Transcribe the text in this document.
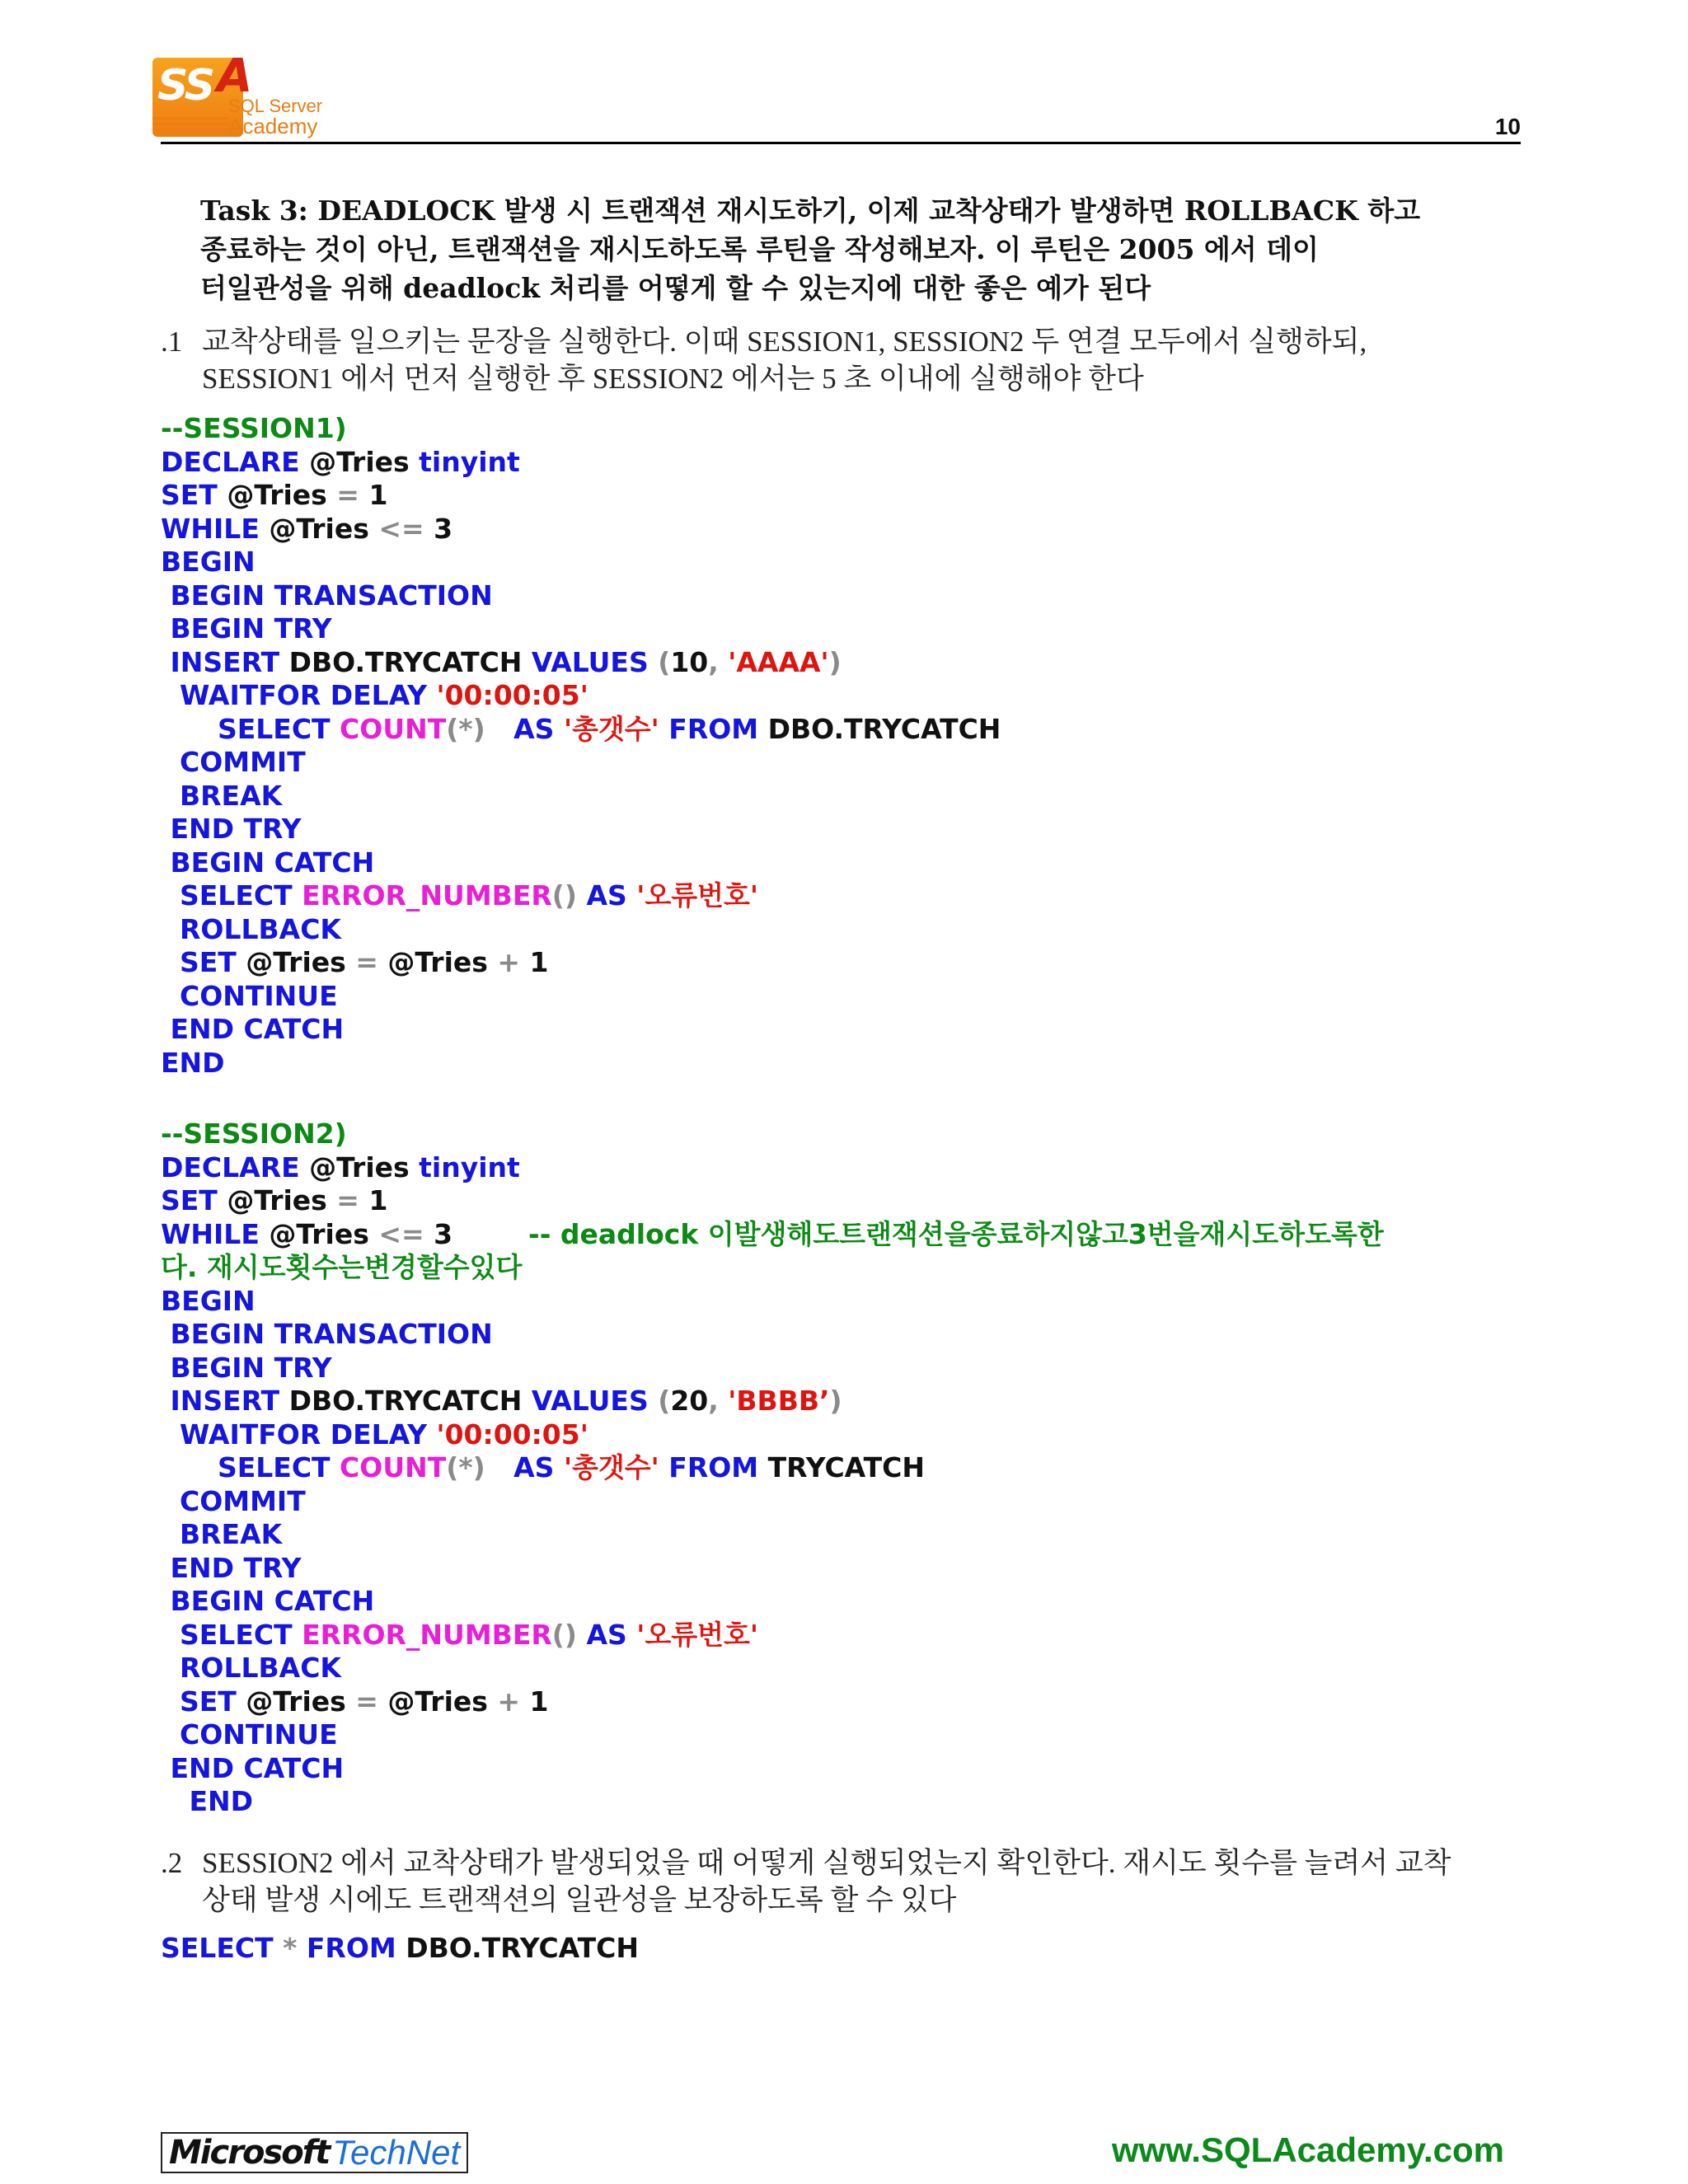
SS A
SQL Server
Academy	10
Task 3: DEADLOCK 발생 시 트랜잭션 재시도하기, 이제 교착상태가 발생하면 ROLLBACK 하고
종료하는 것이 아닌, 트랜잭션을 재시도하도록 루틴을 작성해보자. 이 루틴은 2005 에서 데이
터일관성을 위해 deadlock 처리를 어떻게 할 수 있는지에 대한 좋은 예가 된다
.1 교착상태를 일으키는 문장을 실행한다. 이때 SESSION1, SESSION2 두 연결 모두에서 실행하되,
SESSION1 에서 먼저 실행한 후 SESSION2 에서는 5 초 이내에 실행해야 한다
--SESSION1)
DECLARE @Tries tinyint
SET @Tries = 1
WHILE @Tries <= 3
BEGIN
BEGIN TRANSACTION
BEGIN TRY
INSERT DBO.TRYCATCH VALUES (10, 'AAAA')
WAITFOR DELAY '00:00:05'
SELECT COUNT(*)   AS '총갯수' FROM DBO.TRYCATCH
COMMIT
BREAK
END TRY
BEGIN CATCH
SELECT ERROR_NUMBER() AS '오류번호'
ROLLBACK
SET @Tries = @Tries + 1
CONTINUE
END CATCH
END
--SESSION2)
DECLARE @Tries tinyint
SET @Tries = 1
WHILE @Tries <= 3	-- deadlock 이발생해도트랜잭션을종료하지않고3번을재시도하도록한
다. 재시도횟수는변경할수있다
BEGIN
BEGIN TRANSACTION
BEGIN TRY
INSERT DBO.TRYCATCH VALUES (20, 'BBBB’)
WAITFOR DELAY '00:00:05'
SELECT COUNT(*)   AS '총갯수' FROM TRYCATCH
COMMIT
BREAK
END TRY
BEGIN CATCH
SELECT ERROR_NUMBER() AS '오류번호'
ROLLBACK
SET @Tries = @Tries + 1
CONTINUE
END CATCH
END
.2 SESSION2 에서 교착상태가 발생되었을 때 어떻게 실행되었는지 확인한다. 재시도 횟수를 늘려서 교착
상태 발생 시에도 트랜잭션의 일관성을 보장하도록 할 수 있다
SELECT * FROM DBO.TRYCATCH
Microsoft TechNet	www.SQLAcademy.com
